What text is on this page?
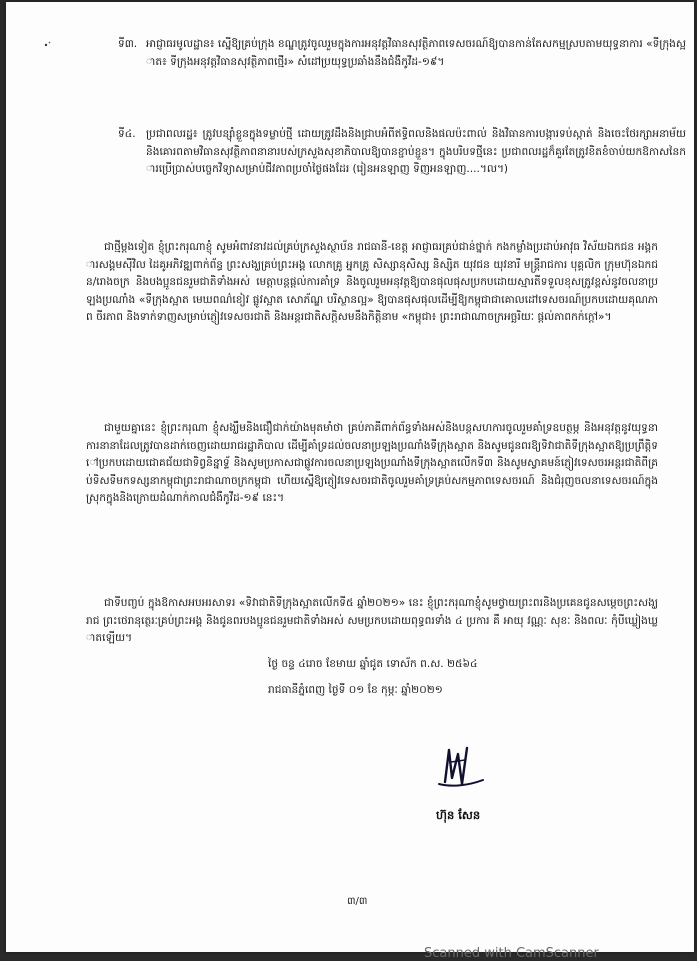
ទី៣. អាជ្ញាធរមូលដ្ឋាន៖ ស្នើឱ្យគ្រប់ក្រុង ខណ្ឌត្រូវចូលរួមក្នុងការអនុវត្តវិធានសុវត្ថិភាពទេសចរណ៍ឱ្យបានកាន់តែសកម្មស្របតាមយុទ្ធនាការ «ទីក្រុងស្អាត៖ ទីក្រុងអនុវត្តវិធានសុវត្ថិភាពថ្មើរ» សំដៅប្រយុទ្ធប្រឆាំងនឹងជំងឺកូវីដ-១៩។
ទី៤. ប្រជាពលរដ្ឋ៖ ត្រូវបន្ស៊ាំខ្លួនក្នុងទម្លាប់ថ្មី ដោយត្រូវដឹងនិងជ្រាបអំពីឥទ្ធិពលនិងផលប៉ះពាល់ និងវិធានការបង្ការទប់ស្កាត់ និងចេះថែរក្សាអនាម័យ និងគោរពតាមវិធានសុវត្ថិភាពនានារបស់ក្រសួងសុខាភិបាលឱ្យបានខ្ជាប់ខ្ជួន។ ក្នុងបរិបទថ្មីនេះ ប្រជាពលរដ្ឋក៏គួរតែត្រូវខិតខំចាប់យកឱកាសនៃការប្រើប្រាស់បច្ចេកវិទ្យាសម្រាប់ជីវភាពប្រចាំថ្ងៃផងដែរ (រៀនអនឡាញ ទិញអនឡាញ....។ល។)
ជាថ្មីម្តងទៀត ខ្ញុំព្រះករុណាខ្ញុំ សូមអំពាវនាវដល់គ្រប់ក្រសួងស្ថាប័ន រាជធានី-ខេត្ត អាជ្ញាធរគ្រប់ជាន់ថ្នាក់ កងកម្លាំងប្រដាប់អាវុធ វិស័យឯកជន អង្គការសង្គមស៊ីវិល ដៃគូអភិវឌ្ឍពាក់ព័ន្ធ ព្រះសង្ឃគ្រប់ព្រះអង្គ លោកគ្រូ អ្នកគ្រូ សិស្សានុសិស្ស និស្សិត យុវជន យុវនារី មន្ត្រីរាជការ បុគ្គលិក ក្រុមហ៊ុនឯកជន/រោងចក្រ និងបងប្អូនជនរួមជាតិទាំងអស់ មេត្តាបន្តផ្តល់ការគាំទ្រ និងចូលរួមអនុវត្តឱ្យបានផុលផុសប្រកបដោយស្មារតីទទួលខុសត្រូវខ្ពស់នូវចលនាប្រឡងប្រណាំង «ទីក្រុងស្អាត មេឃពណ៌ខៀវ ផ្លូវស្អាត សោភ័ណ្ឌ បរិស្ថានល្អ» ឱ្យបានផុសផុលដើម្បីឱ្យកម្ពុជាជាគោលដៅទេសចរណ៍ប្រកបដោយគុណភាព ចីរភាព និងទាក់ទាញសម្រាប់ភ្ញៀវទេសចរជាតិ និងអន្តរជាតិសក្តិសមនឹងកិត្តិនាម «កម្ពុជា៖ ព្រះរាជាណាចក្រអច្ឆរិយៈ ផ្តល់ភាពកក់ក្តៅ»។
ជាមួយគ្នានេះ ខ្ញុំព្រះករុណា ខ្ញុំសង្ឃឹមនិងជឿជាក់យ៉ាងមុតមាំថា គ្រប់ភាគីពាក់ព័ន្ធទាំងអស់និងបន្តសហការចូលរួមគាំទ្រឧបត្ថម្ភ និងអនុវត្តនូវយុទ្ធនាការនានាដែលត្រូវបានដាក់ចេញដោយរាជរដ្ឋាភិបាល ដើម្បីគាំទ្រដល់ចលនាប្រឡងប្រណាំងទីក្រុងស្អាត និងសូមជូនពរឱ្យទិវាជាតិទីក្រុងស្អាតឱ្យប្រព្រឹត្តិទៅប្រកបដោយជោគជ័យជាទិព្វនិន្នាទ្ទ័ និងសូមប្រកាសជាផ្លូវការចលនាប្រឡងប្រណាំងទីក្រុងស្អាតលើកទី៣ និងសូមស្វាគមន៍ភ្ញៀវទេសចរអន្តរជាតិពីគ្រប់ទិសទីមកទស្សនាកម្ពុជាព្រះរាជាណាចក្រកម្ពុជា ហើយស្នើឱ្យភ្ញៀវទេសចរជាតិចូលរួមគាំទ្រគ្រប់សកម្មភាពទេសចរណ៍ និងជំរុញចលនាទេសចរណ៍ក្នុងស្រុកក្នុងនិងក្រោយដំណាក់កាលជំងឺកូវីដ-១៩ នេះ។
ជាទីបញ្ចប់ ក្នុងឱកាសអបអរសាទរ «ទិវាជាតិទីក្រុងស្អាតលើកទី៥ ឆ្នាំ២០២១» នេះ ខ្ញុំព្រះករុណាខ្ញុំសូមថ្វាយព្រះពរនិងប្រគេនជូនសម្តេចព្រះសង្ឃរាជ ព្រះថេរានុត្ថេរៈគ្រប់ព្រះអង្គ និងជូនពរបងប្អូនជនរួមជាតិទាំងអស់ សមប្រកបដោយពុទ្ធពរទាំង ៤ ប្រការ គឺ អាយុ វណ្ណៈ សុខៈ និងពលៈ កុំបីឃ្លៀងឃ្លាតឡើយ។
ថ្ងៃ ចន្ទ ៤រោច ខែមាឃ ឆ្នាំជូត ទោស័ក ព.ស. ២៥៦៤
រាជធានីភ្នំពេញ ថ្ងៃទី ០១ ខែ កុម្ភៈ ឆ្នាំ២០២១
ហ៊ុន សែន
៣/៣
Scanned with CamScanner
